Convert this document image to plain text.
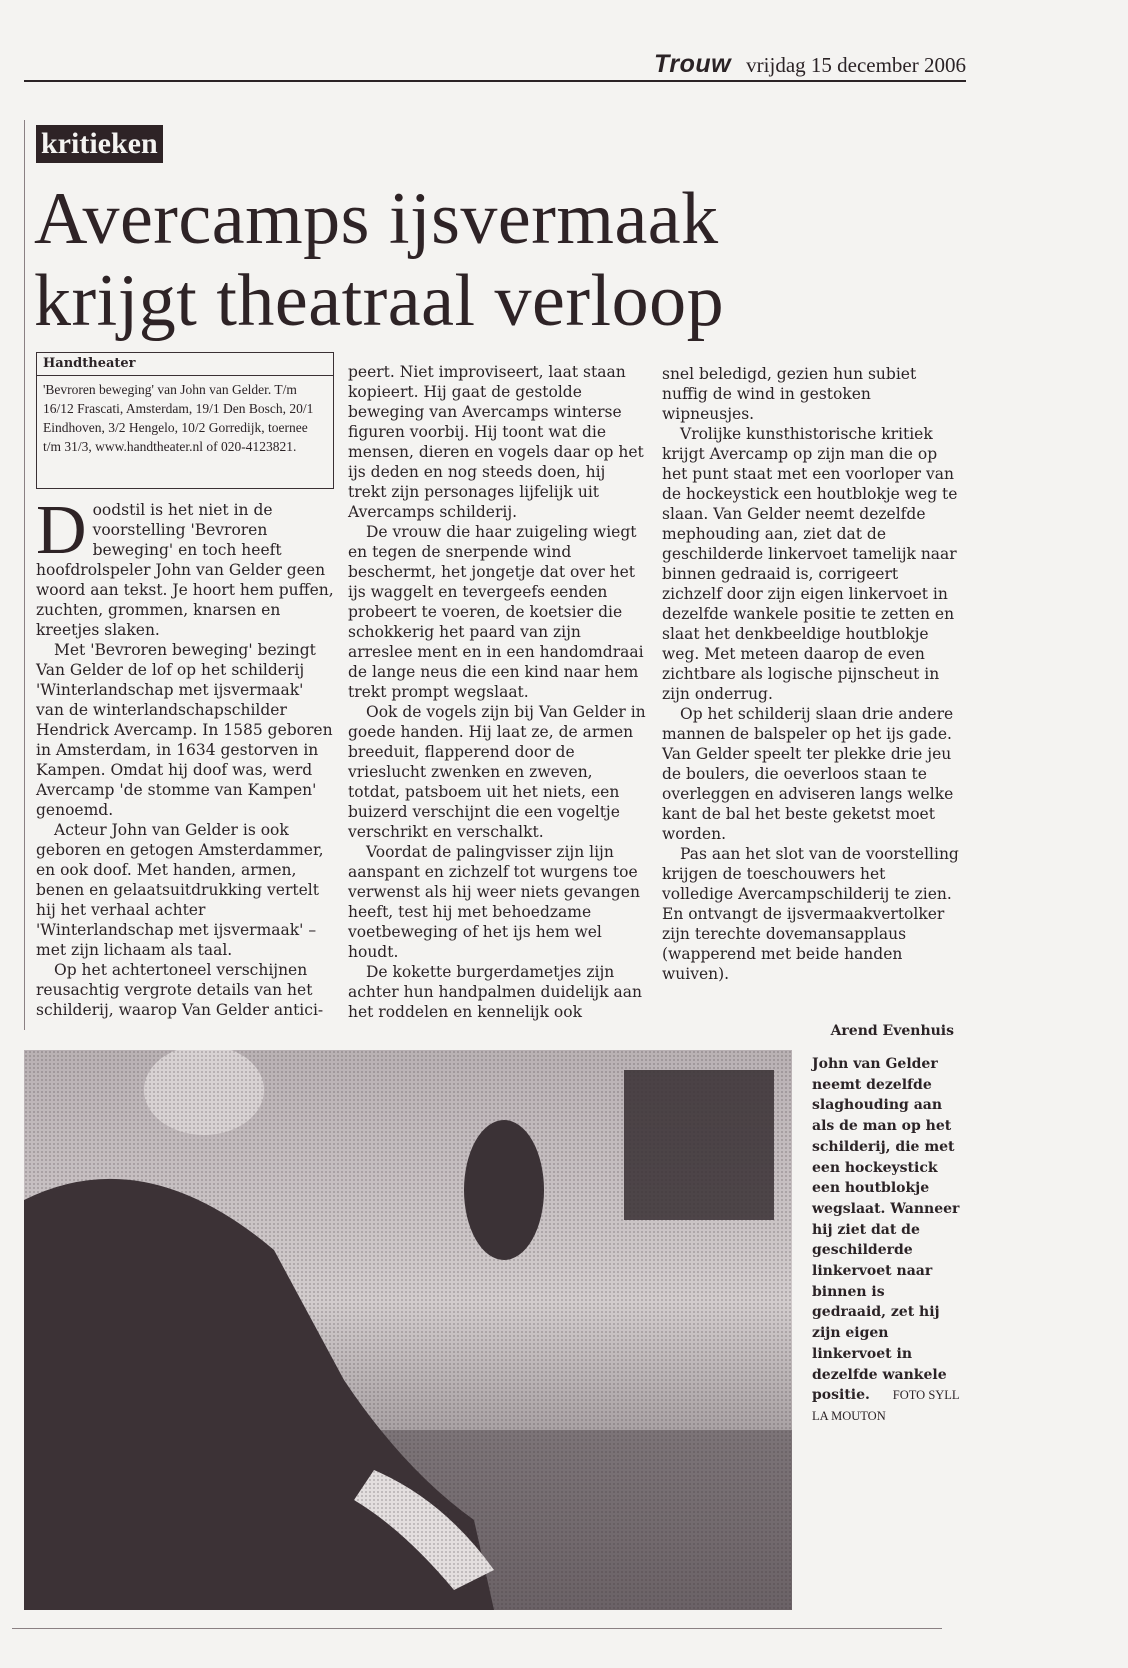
Trouw vrijdag 15 december 2006
kritieken
Avercamps ijsvermaak
krijgt theatraal verloop
Handtheater
'Bevroren beweging' van John van Gelder. T/m 16/12 Frascati, Amsterdam, 19/1 Den Bosch, 20/1 Eindhoven, 3/2 Hengelo, 10/2 Gorredijk, toernee t/m 31/3, www.handtheater.nl of 020-4123821.

Doodstil is het niet in de voorstelling 'Bevroren beweging' en toch heeft hoofdrolspeler John van Gelder geen woord aan tekst. Je hoort hem puffen, zuchten, grommen, knarsen en kreetjes slaken.

Met 'Bevroren beweging' bezingt Van Gelder de lof op het schilderij 'Winterlandschap met ijsvermaak' van de winterlandschapschilder Hendrick Avercamp. In 1585 geboren in Amsterdam, in 1634 gestorven in Kampen. Omdat hij doof was, werd Avercamp 'de stomme van Kampen' genoemd.

Acteur John van Gelder is ook geboren en getogen Amsterdammer, en ook doof. Met handen, armen, benen en gelaatsuitdrukking vertelt hij het verhaal achter 'Winterlandschap met ijsvermaak' – met zijn lichaam als taal.

Op het achtertoneel verschijnen reusachtig vergrote details van het schilderij, waarop Van Gelder antici-

peert. Niet improviseert, laat staan kopieert. Hij gaat de gestolde beweging van Avercamps winterse figuren voorbij. Hij toont wat die mensen, dieren en vogels daar op het ijs deden en nog steeds doen, hij trekt zijn personages lijfelijk uit Avercamps schilderij.

De vrouw die haar zuigeling wiegt en tegen de snerpende wind beschermt, het jongetje dat over het ijs waggelt en tevergeefs eenden probeert te voeren, de koetsier die schokkerig het paard van zijn arreslee ment en in een handomdraai de lange neus die een kind naar hem trekt prompt wegslaat.

Ook de vogels zijn bij Van Gelder in goede handen. Hij laat ze, de armen breeduit, flapperend door de vrieslucht zwenken en zweven, totdat, patsboem uit het niets, een buizerd verschijnt die een vogeltje verschrikt en verschalkt.

Voordat de palingvisser zijn lijn aanspant en zichzelf tot wurgens toe verwenst als hij weer niets gevangen heeft, test hij met behoedzame voetbeweging of het ijs hem wel houdt.

De kokette burgerdametjes zijn achter hun handpalmen duidelijk aan het roddelen en kennelijk ook

snel beledigd, gezien hun subiet nuffig de wind in gestoken wipneusjes.

Vrolijke kunsthistorische kritiek krijgt Avercamp op zijn man die op het punt staat met een voorloper van de hockeystick een houtblokje weg te slaan. Van Gelder neemt dezelfde mephouding aan, ziet dat de geschilderde linkervoet tamelijk naar binnen gedraaid is, corrigeert zichzelf door zijn eigen linkervoet in dezelfde wankele positie te zetten en slaat het denkbeeldige houtblokje weg. Met meteen daarop de even zichtbare als logische pijnscheut in zijn onderrug.

Op het schilderij slaan drie andere mannen de balspeler op het ijs gade. Van Gelder speelt ter plekke drie jeu de boulers, die oeverloos staan te overleggen en adviseren langs welke kant de bal het beste geketst moet worden.

Pas aan het slot van de voorstelling krijgen de toeschouwers het volledige Avercampschilderij te zien. En ontvangt de ijsvermaakvertolker zijn terechte dovemansapplaus (wapperend met beide handen wuiven).

Arend Evenhuis
John van Gelder neemt dezelfde slaghouding aan als de man op het schilderij, die met een hockeystick een houtblokje wegslaat. Wanneer hij ziet dat de geschilderde linkervoet naar binnen is gedraaid, zet hij zijn eigen linkervoet in dezelfde wankele positie. FOTO SYLL LA MOUTON
